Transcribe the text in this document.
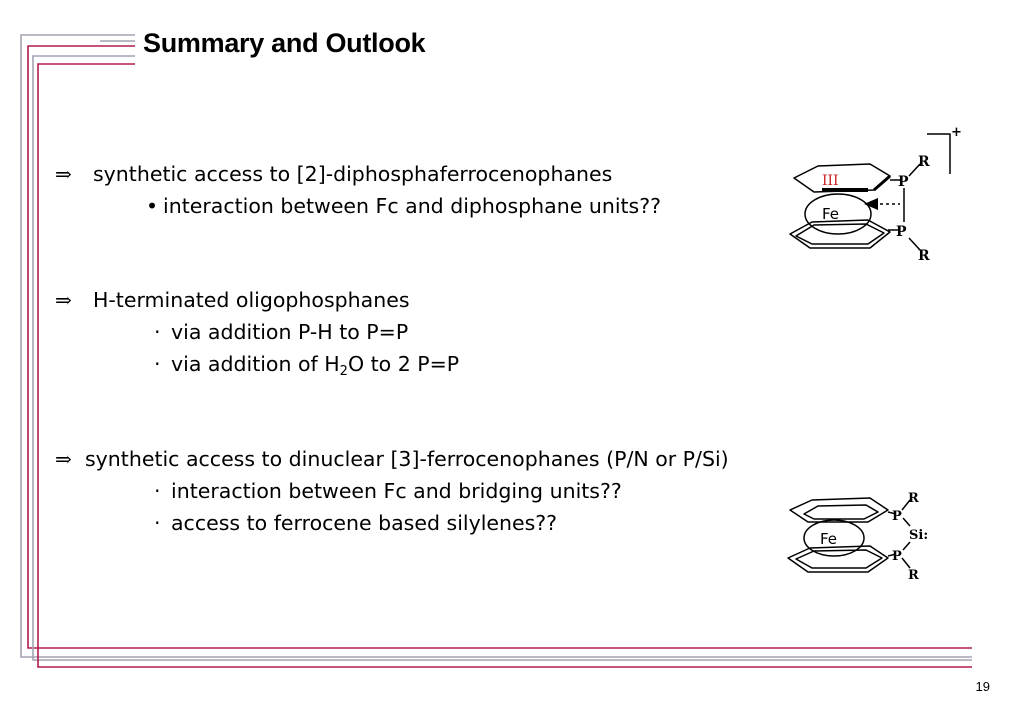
Summary and Outlook
⇒ synthetic access to [2]-diphosphaferrocenophanes
• interaction between Fc and diphosphane units??
⇒ H-terminated oligophosphanes
· via addition P-H to P=P
· via addition of $H_2O$ to 2 P=P
⇒ synthetic access to dinuclear [3]-ferrocenophanes (P/N or P/Si)
· interaction between Fc and bridging units??
· access to ferrocene based silylenes??
III
Fe
P
P
R
R
+
Fe
P
P
Si:
R
R
19
